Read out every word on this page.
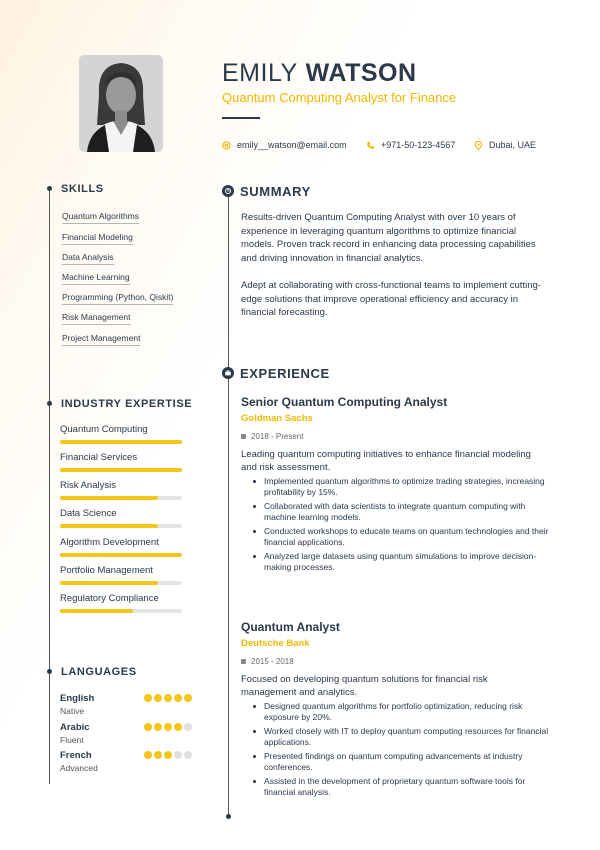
EMILY WATSON
Quantum Computing Analyst for Finance
emily__watson@email.com	+971-50-123-4567	Dubai, UAE
SKILLS
Quantum Algorithms
Financial Modeling
Data Analysis
Machine Learning
Programming (Python, Qiskit)
Risk Management
Project Management
INDUSTRY EXPERTISE
Quantum Computing
Financial Services
Risk Analysis
Data Science
Algorithm Development
Portfolio Management
Regulatory Compliance
LANGUAGES
English
Native
Arabic
Fluent
French
Advanced
SUMMARY
Results-driven Quantum Computing Analyst with over 10 years of experience in leveraging quantum algorithms to optimize financial models. Proven track record in enhancing data processing capabilities and driving innovation in financial analytics.
Adept at collaborating with cross-functional teams to implement cutting-edge solutions that improve operational efficiency and accuracy in financial forecasting.
EXPERIENCE
Senior Quantum Computing Analyst
Goldman Sachs
2018 - Present
Leading quantum computing initiatives to enhance financial modeling and risk assessment.
Implemented quantum algorithms to optimize trading strategies, increasing profitability by 15%.
Collaborated with data scientists to integrate quantum computing with machine learning models.
Conducted workshops to educate teams on quantum technologies and their financial applications.
Analyzed large datasets using quantum simulations to improve decision-making processes.
Quantum Analyst
Deutsche Bank
2015 - 2018
Focused on developing quantum solutions for financial risk management and analytics.
Designed quantum algorithms for portfolio optimization, reducing risk exposure by 20%.
Worked closely with IT to deploy quantum computing resources for financial applications.
Presented findings on quantum computing advancements at industry conferences.
Assisted in the development of proprietary quantum software tools for financial analysis.
